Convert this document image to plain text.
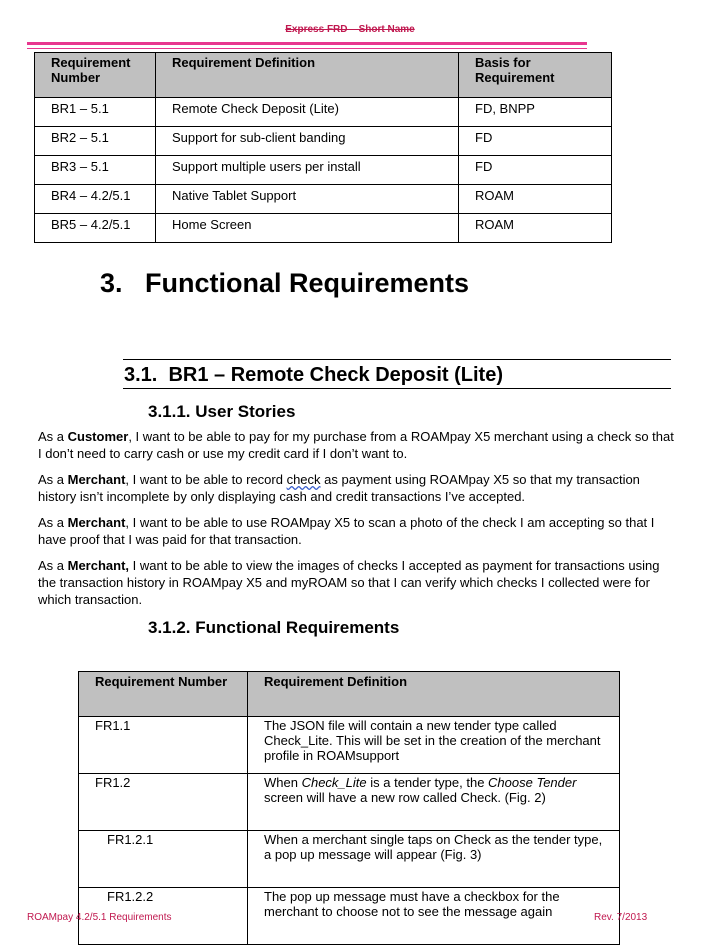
Express FRD – Short Name
Requirement Number	Requirement Definition	Basis for Requirement
BR1 – 5.1	Remote Check Deposit (Lite)	FD, BNPP
BR2 – 5.1	Support for sub-client banding	FD
BR3 – 5.1	Support multiple users per install	FD
BR4 – 4.2/5.1	Native Tablet Support	ROAM
BR5 – 4.2/5.1	Home Screen	ROAM
3.   Functional Requirements
3.1.  BR1 – Remote Check Deposit (Lite)
3.1.1. User Stories
As a Customer, I want to be able to pay for my purchase from a ROAMpay X5 merchant using a check so that I don’t need to carry cash or use my credit card if I don’t want to.
As a Merchant, I want to be able to record check as payment using ROAMpay X5 so that my transaction history isn’t incomplete by only displaying cash and credit transactions I’ve accepted.
As a Merchant, I want to be able to use ROAMpay X5 to scan a photo of the check I am accepting so that I have proof that I was paid for that transaction.
As a Merchant, I want to be able to view the images of checks I accepted as payment for transactions using the transaction history in ROAMpay X5 and myROAM so that I can verify which checks I collected were for which transaction.
3.1.2. Functional Requirements
Requirement Number	Requirement Definition
FR1.1	The JSON file will contain a new tender type called Check_Lite. This will be set in the creation of the merchant profile in ROAMsupport
FR1.2	When Check_Lite is a tender type, the Choose Tender screen will have a new row called Check. (Fig. 2)
FR1.2.1	When a merchant single taps on Check as the tender type, a pop up message will appear (Fig. 3)
FR1.2.2	The pop up message must have a checkbox for the merchant to choose not to see the message again
ROAMpay 4.2/5.1 Requirements	Rev. 7/2013
